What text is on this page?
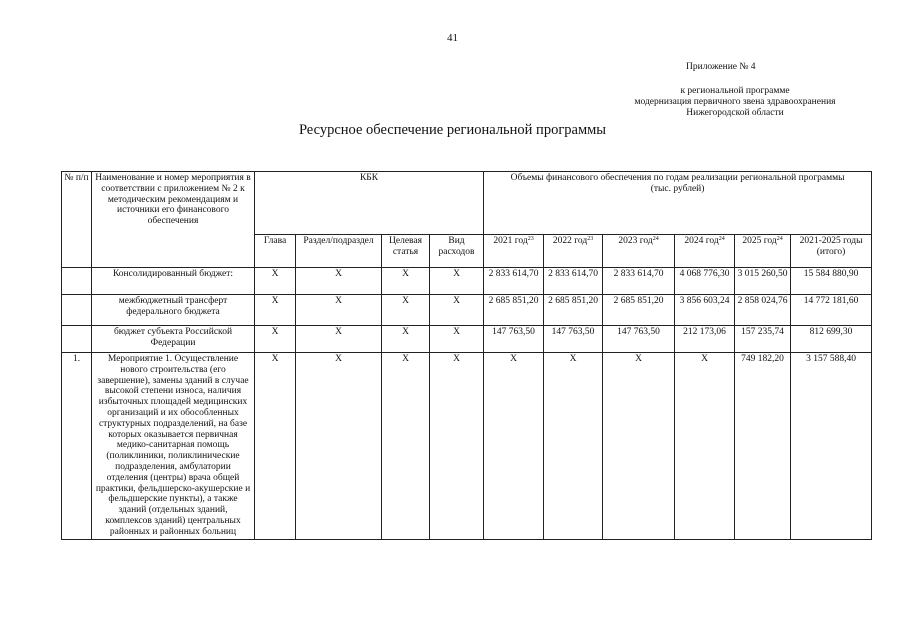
41
Приложение № 4
к региональной программе
модернизация первичного звена здравоохранения
Нижегородской области
Ресурсное обеспечение региональной программы
№ п/п	Наименование и номер мероприятия в соответствии с приложением № 2 к методическим рекомендациям и источники его финансового обеспечения	КБК				Объемы финансового обеспечения по годам реализации региональной программы
(тыс. рублей)					

		Глава	Раздел/подраздел	Целевая статья	Вид расходов	2021 год$^{23}$	2022 год$^{23}$	2023 год$^{24}$	2024 год$^{24}$	2025 год$^{24}$	2021-2025 годы (итого)
	Консолидированный бюджет:	X	X	X	X	2 833 614,70	2 833 614,70	2 833 614,70	4 068 776,30	3 015 260,50	15 584 880,90
	межбюджетный трансферт федерального бюджета	X	X	X	X	2 685 851,20	2 685 851,20	2 685 851,20	3 856 603,24	2 858 024,76	14 772 181,60
	бюджет субъекта Российской Федерации	X	X	X	X	147 763,50	147 763,50	147 763,50	212 173,06	157 235,74	812 699,30
1.	Мероприятие 1. Осуществление нового строительства (его завершение), замены зданий в случае высокой степени износа, наличия избыточных площадей медицинских организаций и их обособленных структурных подразделений, на базе которых оказывается первичная медико-санитарная помощь (поликлиники, поликлинические подразделения, амбулатории отделения (центры) врача общей практики, фельдшерско-акушерские и фельдшерские пункты), а также зданий (отдельных зданий, комплексов зданий) центральных районных и районных больниц	X	X	X	X	X	X	X	X	749 182,20	3 157 588,40
